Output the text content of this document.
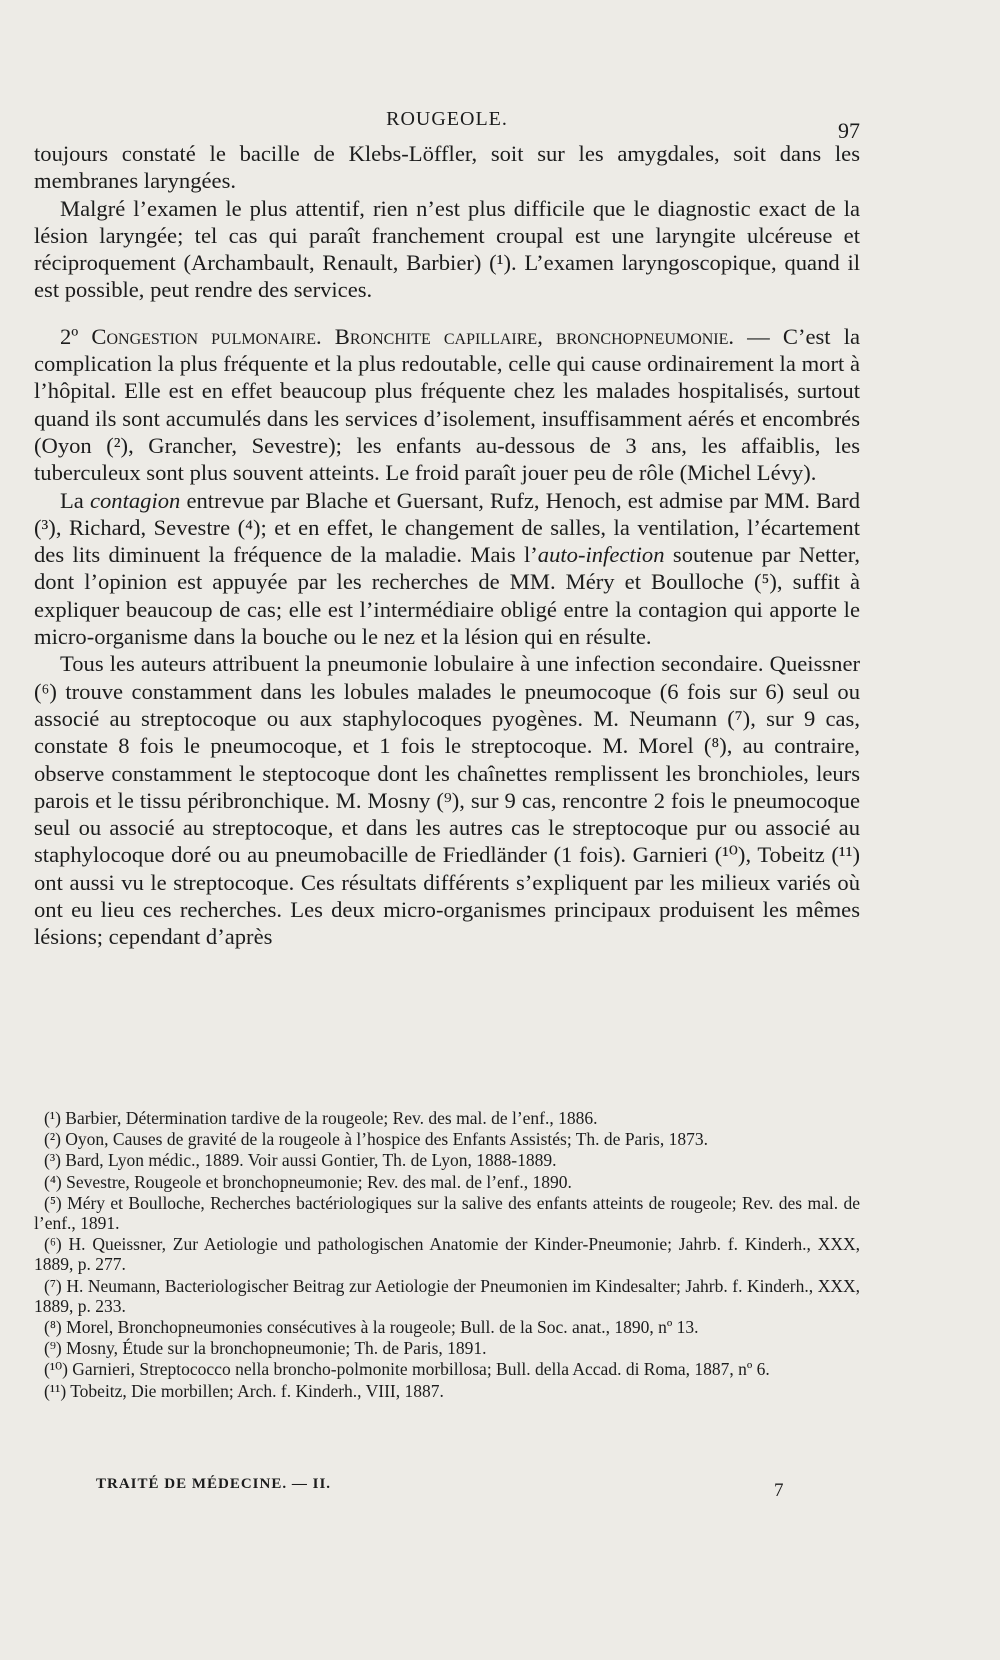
ROUGEOLE.	97

toujours constaté le bacille de Klebs-Löffler, soit sur les amygdales, soit dans les membranes laryngées.

Malgré l’examen le plus attentif, rien n’est plus difficile que le diagnostic exact de la lésion laryngée; tel cas qui paraît franchement croupal est une laryngite ulcéreuse et réciproquement (Archambault, Renault, Barbier) (¹). L’examen laryngoscopique, quand il est possible, peut rendre des services.

2º Congestion pulmonaire. Bronchite capillaire, bronchopneumonie. — C’est la complication la plus fréquente et la plus redoutable, celle qui cause ordinairement la mort à l’hôpital. Elle est en effet beaucoup plus fréquente chez les malades hospitalisés, surtout quand ils sont accumulés dans les services d’isolement, insuffisamment aérés et encombrés (Oyon (²), Grancher, Sevestre); les enfants au-dessous de 3 ans, les affaiblis, les tuberculeux sont plus souvent atteints. Le froid paraît jouer peu de rôle (Michel Lévy).

La contagion entrevue par Blache et Guersant, Rufz, Henoch, est admise par MM. Bard (³), Richard, Sevestre (⁴); et en effet, le changement de salles, la ventilation, l’écartement des lits diminuent la fréquence de la maladie. Mais l’auto-infection soutenue par Netter, dont l’opinion est appuyée par les recherches de MM. Méry et Boulloche (⁵), suffit à expliquer beaucoup de cas; elle est l’intermédiaire obligé entre la contagion qui apporte le micro-organisme dans la bouche ou le nez et la lésion qui en résulte.

Tous les auteurs attribuent la pneumonie lobulaire à une infection secondaire. Queissner (⁶) trouve constamment dans les lobules malades le pneumocoque (6 fois sur 6) seul ou associé au streptocoque ou aux staphylocoques pyogènes. M. Neumann (⁷), sur 9 cas, constate 8 fois le pneumocoque, et 1 fois le streptocoque. M. Morel (⁸), au contraire, observe constamment le steptocoque dont les chaînettes remplissent les bronchioles, leurs parois et le tissu péribronchique. M. Mosny (⁹), sur 9 cas, rencontre 2 fois le pneumocoque seul ou associé au streptocoque, et dans les autres cas le streptocoque pur ou associé au staphylocoque doré ou au pneumobacille de Friedländer (1 fois). Garnieri (¹⁰), Tobeitz (¹¹) ont aussi vu le streptocoque. Ces résultats différents s’expliquent par les milieux variés où ont eu lieu ces recherches. Les deux micro-organismes principaux produisent les mêmes lésions; cependant d’après

(¹) Barbier, Détermination tardive de la rougeole; Rev. des mal. de l’enf., 1886.

(²) Oyon, Causes de gravité de la rougeole à l’hospice des Enfants Assistés; Th. de Paris, 1873.

(³) Bard, Lyon médic., 1889. Voir aussi Gontier, Th. de Lyon, 1888-1889.

(⁴) Sevestre, Rougeole et bronchopneumonie; Rev. des mal. de l’enf., 1890.

(⁵) Méry et Boulloche, Recherches bactériologiques sur la salive des enfants atteints de rougeole; Rev. des mal. de l’enf., 1891.

(⁶) H. Queissner, Zur Aetiologie und pathologischen Anatomie der Kinder-Pneumonie; Jahrb. f. Kinderh., XXX, 1889, p. 277.

(⁷) H. Neumann, Bacteriologischer Beitrag zur Aetiologie der Pneumonien im Kindesalter; Jahrb. f. Kinderh., XXX, 1889, p. 233.

(⁸) Morel, Bronchopneumonies consécutives à la rougeole; Bull. de la Soc. anat., 1890, nº 13.

(⁹) Mosny, Étude sur la bronchopneumonie; Th. de Paris, 1891.

(¹⁰) Garnieri, Streptococco nella broncho-polmonite morbillosa; Bull. della Accad. di Roma, 1887, nº 6.

(¹¹) Tobeitz, Die morbillen; Arch. f. Kinderh., VIII, 1887.

TRAITÉ DE MÉDECINE. — II.	7
